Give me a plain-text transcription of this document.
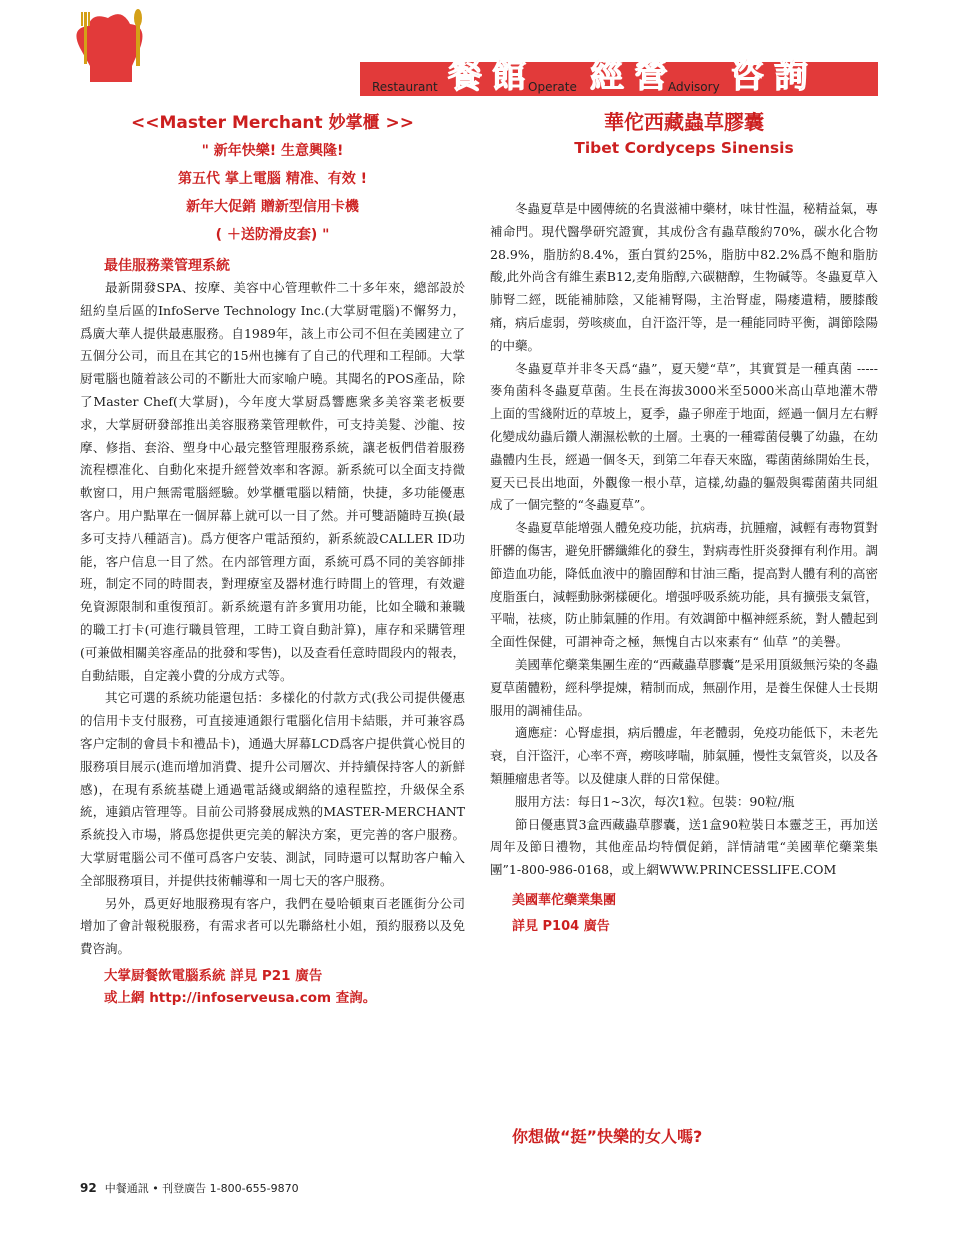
Restaurant 餐館
Operate 經營
Advisory 咨詢
<<Master Merchant 妙掌櫃 >>
" 新年快樂! 生意興隆!
第五代 掌上電腦 精准、有效 !
新年大促銷 贈新型信用卡機
( ＋送防滑皮套) "
最佳服務業管理系統

最新開發SPA、按摩、美容中心管理軟件二十多年來，總部設於紐約皇后區的InfoServe Technology Inc.(大掌厨電腦)不懈努力，爲廣大華人提供最惠服務。自1989年，該上市公司不但在美國建立了五個分公司，而且在其它的15州也擁有了自己的代理和工程師。大掌厨電腦也隨着該公司的不斷壯大而家喻户曉。其聞名的POS產品，除了Master Chef(大掌厨)，今年度大掌厨爲響應衆多美容業老板要求，大掌厨研發部推出美容服務業管理軟件，可支持美髮、沙龍、按摩、修指、套浴、塑身中心最完整管理服務系統，讓老板們借着服務流程標准化、自動化來提升經營效率和客源。新系統可以全面支持微軟窗口，用户無需電腦經驗。妙掌櫃電腦以精簡，快捷，多功能優惠客户。用户點單在一個屏幕上就可以一目了然。并可雙語隨時互换(最多可支持八種語言)。爲方便客户電話預約，新系統設CALLER ID功能，客户信息一目了然。在内部管理方面，系統可爲不同的美容師排班，制定不同的時間表，對理療室及器材進行時間上的管理，有效避免資源限制和重復預訂。新系統還有許多實用功能，比如全職和兼職的職工打卡(可進行職員管理，工時工資自動計算)，庫存和采購管理(可兼做相關美容產品的批發和零售)，以及查看任意時間段内的報表，自動結賬，自定義小費的分成方式等。

其它可選的系統功能還包括：多樣化的付款方式(我公司提供優惠的信用卡支付服務，可直接連通銀行電腦化信用卡結賬，并可兼容爲客户定制的會員卡和禮品卡)，通過大屏幕LCD爲客户提供賞心悦目的服務項目展示(進而增加消費、提升公司層次、并持續保持客人的新鮮感)，在現有系統基礎上通過電話綫或網絡的遠程監控，升級保全系統，連鎖店管理等。目前公司將發展成熟的MASTER-MERCHANT系統投入市場，將爲您提供更完美的解決方案，更完善的客户服務。大掌厨電腦公司不僅可爲客户安装、測試，同時還可以幫助客户輸入全部服務項目，并提供技術輔導和一周七天的客户服務。

另外，爲更好地服務現有客户，我們在曼哈頓東百老匯街分公司增加了會計報税服務，有需求者可以先聯絡杜小姐，預約服務以及免費咨詢。

大掌厨餐飲電腦系統 詳見 P21 廣告
或上網 http://infoserveusa.com 查詢。
華佗西藏蟲草膠囊
Tibet Cordyceps Sinensis

冬蟲夏草是中國傳統的名貴滋補中藥材，味甘性温，秘精益氣，專補命門。現代醫學研究證實，其成份含有蟲草酸約70%，碳水化合物28.9%，脂肪約8.4%，蛋白質約25%，脂肪中82.2%爲不飽和脂肪酸,此外尚含有維生素B12,麦角脂醇,六碳糖醇，生物碱等。冬蟲夏草入肺腎二經，既能補肺陰，又能補腎陽，主治腎虚，陽痿遺精，腰膝酸痛，病后虚弱，勞咳痰血，自汗盗汗等，是一種能同時平衡，調節陰陽的中藥。

冬蟲夏草并非冬天爲“蟲”，夏天變“草”，其實質是一種真菌 ----- 麥角菌科冬蟲夏草菌。生長在海拔3000米至5000米高山草地灌木帶上面的雪綫附近的草坡上，夏季，蟲子卵産于地面，經過一個月左右孵化變成幼蟲后鑽人潮濕松軟的土層。土裏的一種霉菌侵襲了幼蟲，在幼蟲體内生長，經過一個冬天，到第二年春天來臨，霉菌菌絲開始生長，夏天已長出地面，外觀像一根小草，這樣,幼蟲的軀殼與霉菌菌共同組成了一個完整的“冬蟲夏草”。

冬蟲夏草能增强人體免疫功能，抗病毒，抗腫瘤，減輕有毒物質對肝髒的傷害，避免肝髒纖維化的發生，對病毒性肝炎發揮有利作用。調節造血功能，降低血液中的膽固醇和甘油三酯，提高對人體有利的高密度脂蛋白，減輕動脉粥樣硬化。增强呼吸系統功能，具有擴張支氣管，平喘，祛痰，防止肺氣腫的作用。有效調節中樞神經系統，對人體起到全面性保健，可謂神奇之極，無愧自古以來素有“ 仙草 ”的美譽。

美國華佗藥業集團生産的“西藏蟲草膠囊”是采用頂級無污染的冬蟲夏草菌體粉，經科學提煉，精制而成，無副作用，是養生保健人士長期服用的調補佳品。

適應症：心腎虚損，病后體虚，年老體弱，免疫功能低下，未老先衰，自汗盜汗，心率不齊，癆咳哮喘，肺氣腫，慢性支氣管炎，以及各類腫瘤患者等。以及健康人群的日常保健。

服用方法：每日1~3次，每次1粒。包裝：90粒/瓶

節日優惠買3盒西藏蟲草膠囊，送1盒90粒裝日本靈芝王，再加送周年及節日禮物，其他産品均特價促銷，詳情請電“美國華佗藥業集團”1-800-986-0168，或上網WWW.PRINCESSLIFE.COM

美國華佗藥業集團
詳見 P104 廣告
你想做“挺”快樂的女人嗎?
92 中餐通訊 • 刊登廣告 1-800-655-9870
